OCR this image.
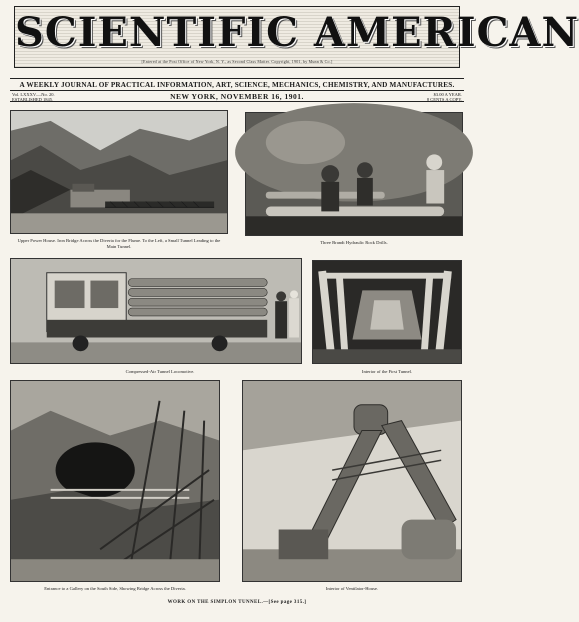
SCIENTIFIC AMERICAN
[Entered at the Post Office of New York, N. Y., as Second Class Matter. Copyright, 1901, by Munn & Co.]
A WEEKLY JOURNAL OF PRACTICAL INFORMATION, ART, SCIENCE, MECHANICS, CHEMISTRY, AND MANUFACTURES.
Vol. LXXXV.—No. 20.
ESTABLISHED 1845.	NEW YORK, NOVEMBER 16, 1901.	$3.00 A YEAR.
8 CENTS A COPY.
Upper Power House. Iron Bridge Across the Diveria for the Flume. To the Left, a Small Tunnel Leading to the Main Tunnel.
Three Brandt Hydraulic Rock Drills.
Compressed-Air Tunnel Locomotive.	Interior of the First Tunnel.
Entrance to a Gallery on the South Side, Showing Bridge Across the Diveria.	Interior of Ventilator-House.
WORK ON THE SIMPLON TUNNEL.—[See page 315.]
